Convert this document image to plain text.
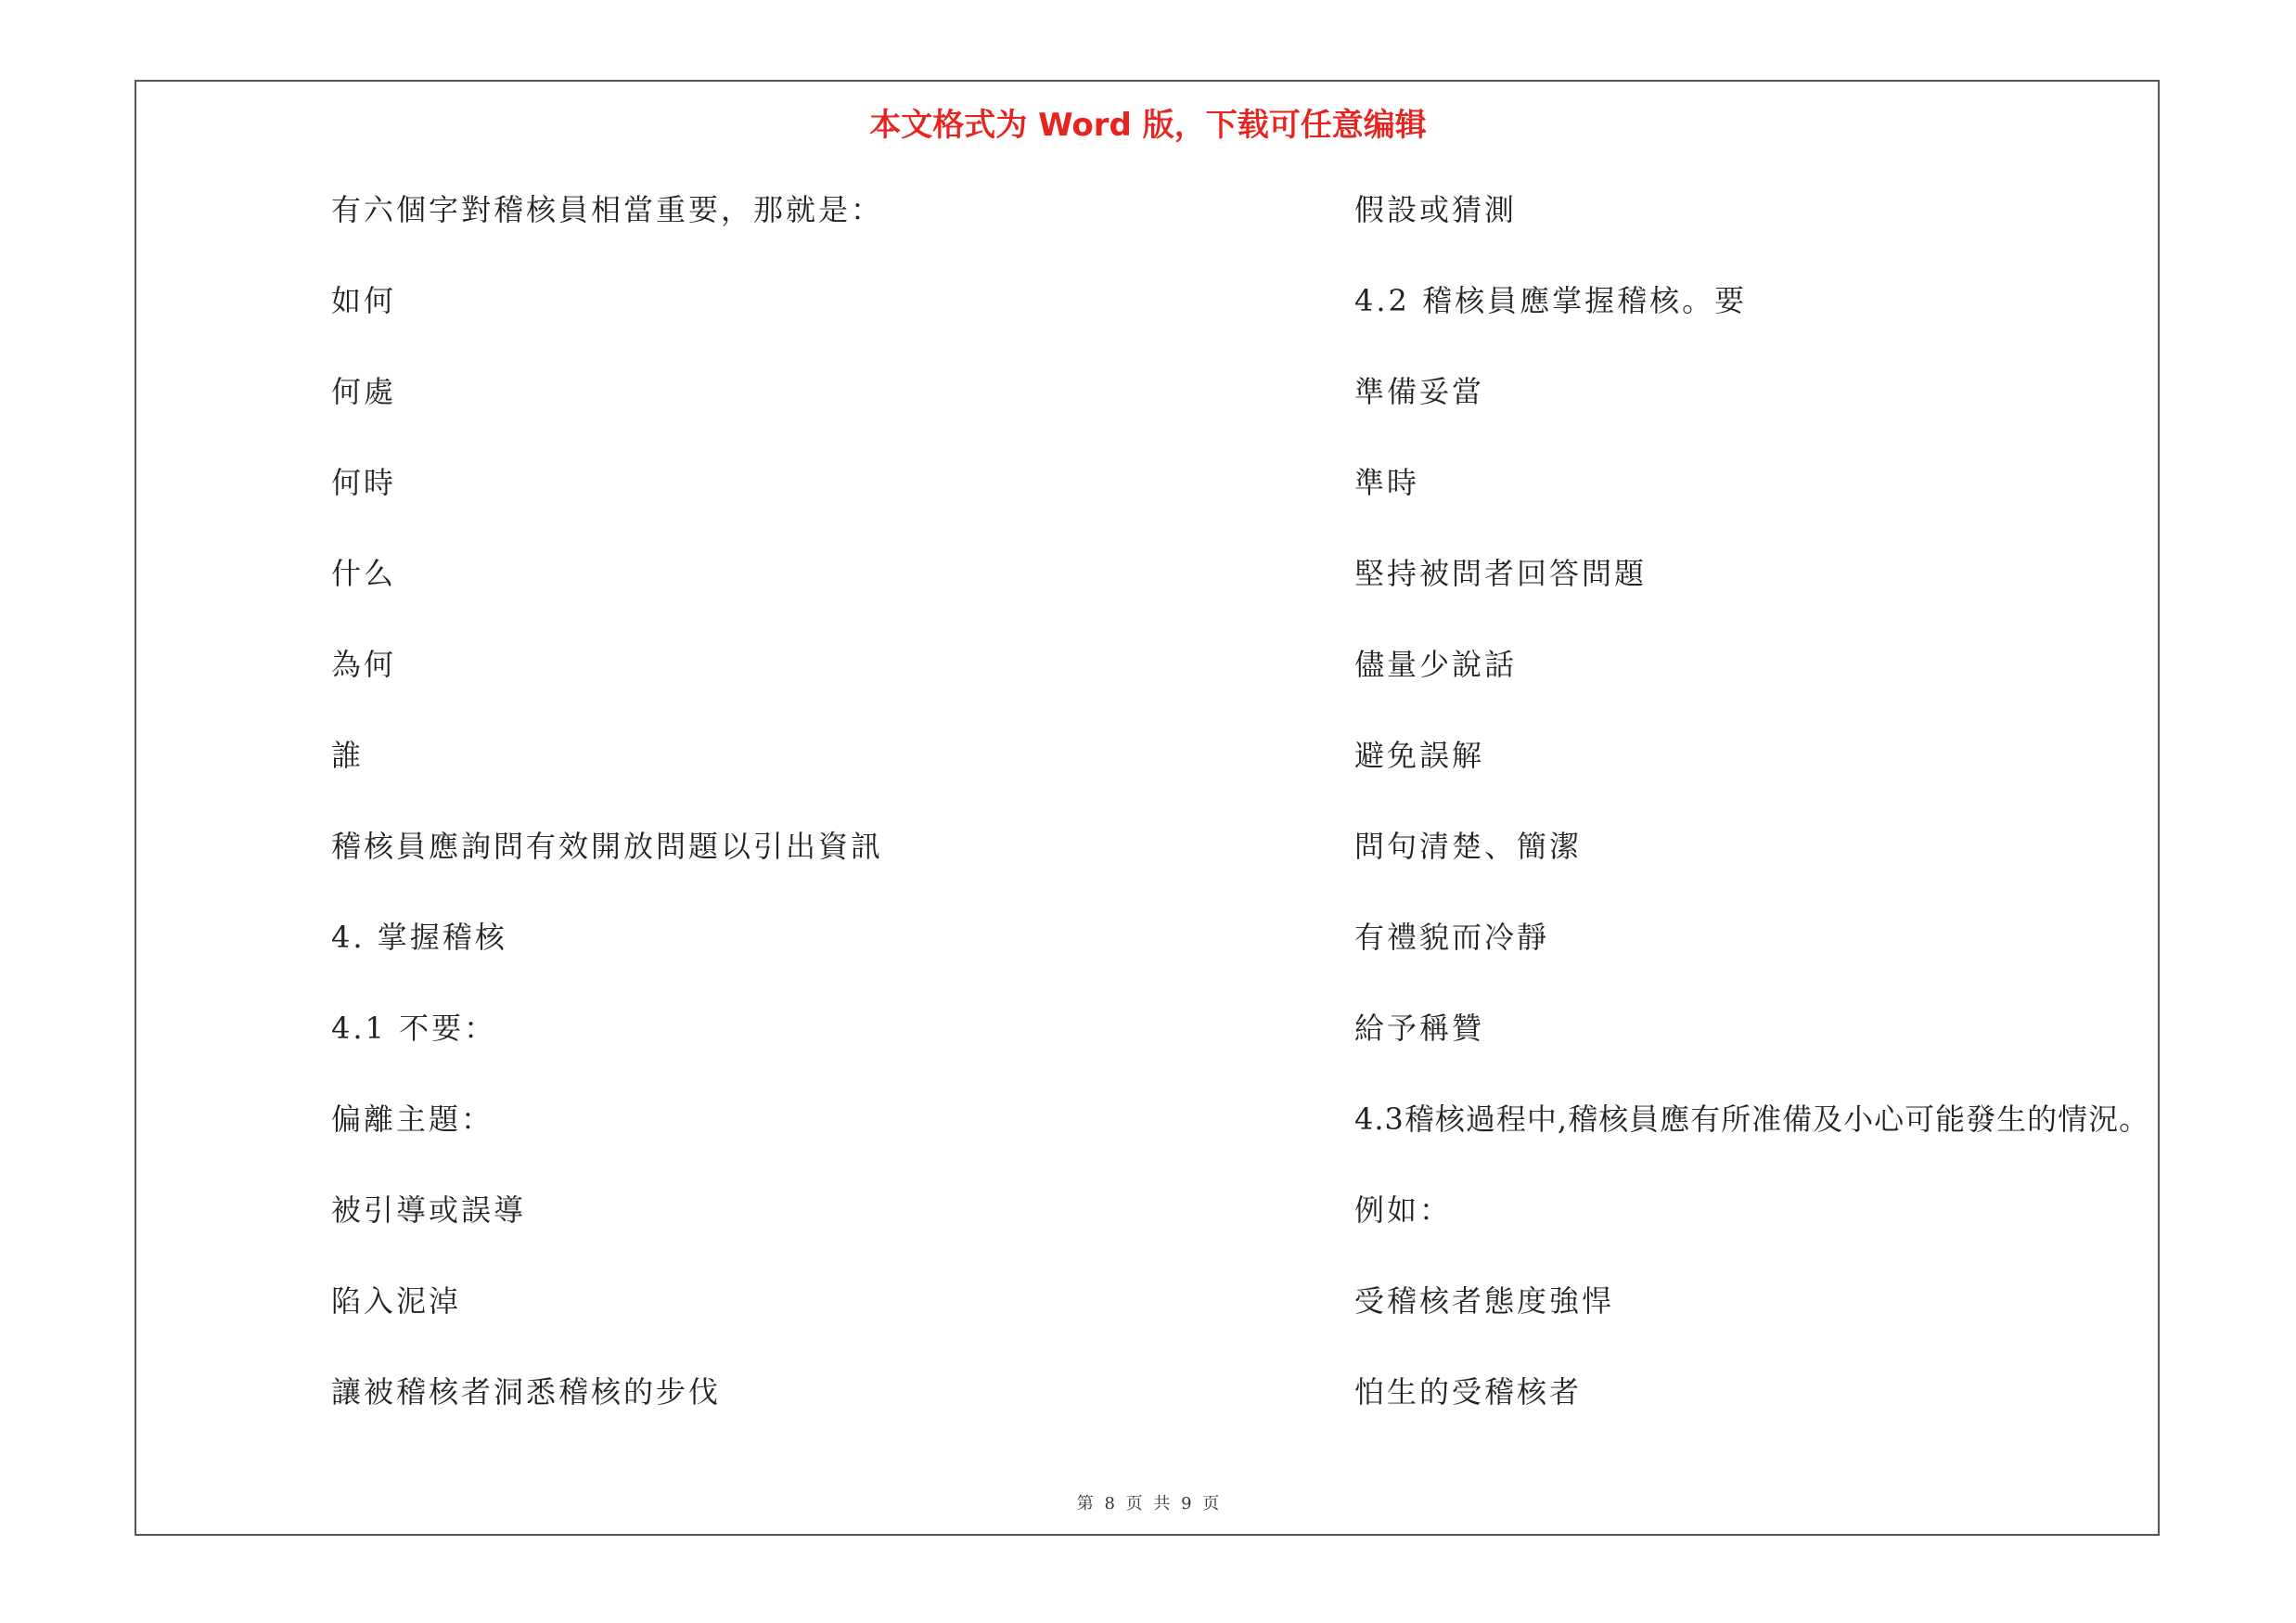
本文格式为 Word 版，下载可任意编辑
有六個字對稽核員相當重要，那就是：
如何
何處
何時
什么
為何
誰
稽核員應詢問有效開放問題以引出資訊
4. 掌握稽核
4.1 不要：
偏離主題：
被引導或誤導
陷入泥淖
讓被稽核者洞悉稽核的步伐
假設或猜測
4.2 稽核員應掌握稽核。要
準備妥當
準時
堅持被問者回答問題
儘量少說話
避免誤解
問句清楚、簡潔
有禮貌而冷靜
給予稱贊
4.3稽核過程中,稽核員應有所准備及小心可能發生的情況。
例如：
受稽核者態度強悍
怕生的受稽核者
第 8 页 共 9 页
